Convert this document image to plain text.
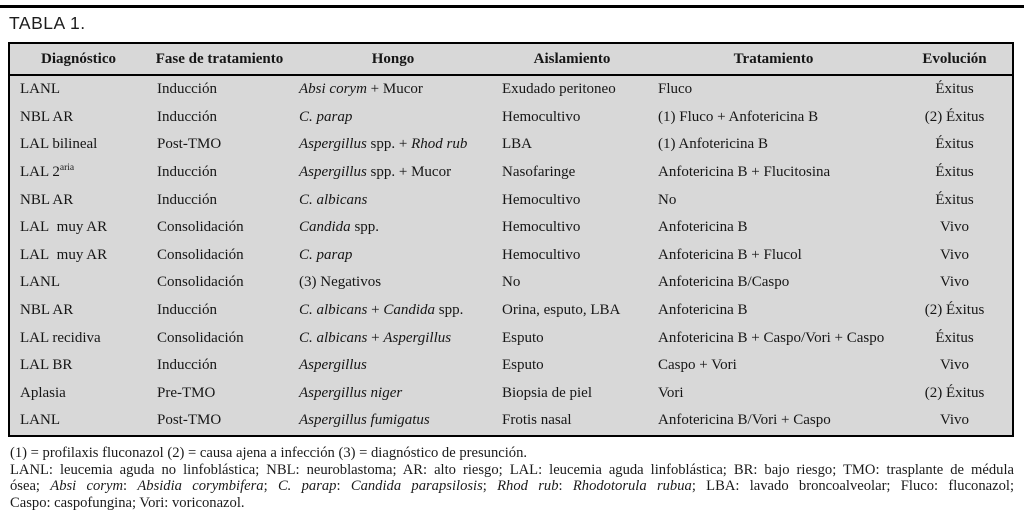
TABLA 1.
Diagnóstico	Fase de tratamiento	Hongo	Aislamiento	Tratamiento	Evolución
LANL	Inducción	Absi corym + Mucor	Exudado peritoneo	Fluco	Éxitus
NBL AR	Inducción	C. parap	Hemocultivo	(1) Fluco + Anfotericina B	(2) Éxitus
LAL bilineal	Post-TMO	Aspergillus spp. + Rhod rub	LBA	(1) Anfotericina B	Éxitus
LAL $2^{aria}$	Inducción	Aspergillus spp. + Mucor	Nasofaringe	Anfotericina B + Flucitosina	Éxitus
NBL AR	Inducción	C. albicans	Hemocultivo	No	Éxitus
LAL  muy AR	Consolidación	Candida spp.	Hemocultivo	Anfotericina B	Vivo
LAL  muy AR	Consolidación	C. parap	Hemocultivo	Anfotericina B + Flucol	Vivo
LANL	Consolidación	(3) Negativos	No	Anfotericina B/Caspo	Vivo
NBL AR	Inducción	C. albicans + Candida spp.	Orina, esputo, LBA	Anfotericina B	(2) Éxitus
LAL recidiva	Consolidación	C. albicans + Aspergillus	Esputo	Anfotericina B + Caspo/Vori + Caspo	Éxitus
LAL BR	Inducción	Aspergillus	Esputo	Caspo + Vori	Vivo
Aplasia	Pre-TMO	Aspergillus niger	Biopsia de piel	Vori	(2) Éxitus
LANL	Post-TMO	Aspergillus fumigatus	Frotis nasal	Anfotericina B/Vori + Caspo	Vivo
(1) = profilaxis fluconazol (2) = causa ajena a infección (3) = diagnóstico de presunción.
LANL: leucemia aguda no linfoblástica; NBL: neuroblastoma; AR: alto riesgo; LAL: leucemia aguda linfoblástica; BR: bajo riesgo; TMO: trasplante de médula
ósea; Absi corym: Absidia corymbifera; C. parap: Candida parapsilosis; Rhod rub: Rhodotorula rubua; LBA: lavado broncoalveolar; Fluco: fluconazol;
Caspo: caspofungina; Vori: voriconazol.
